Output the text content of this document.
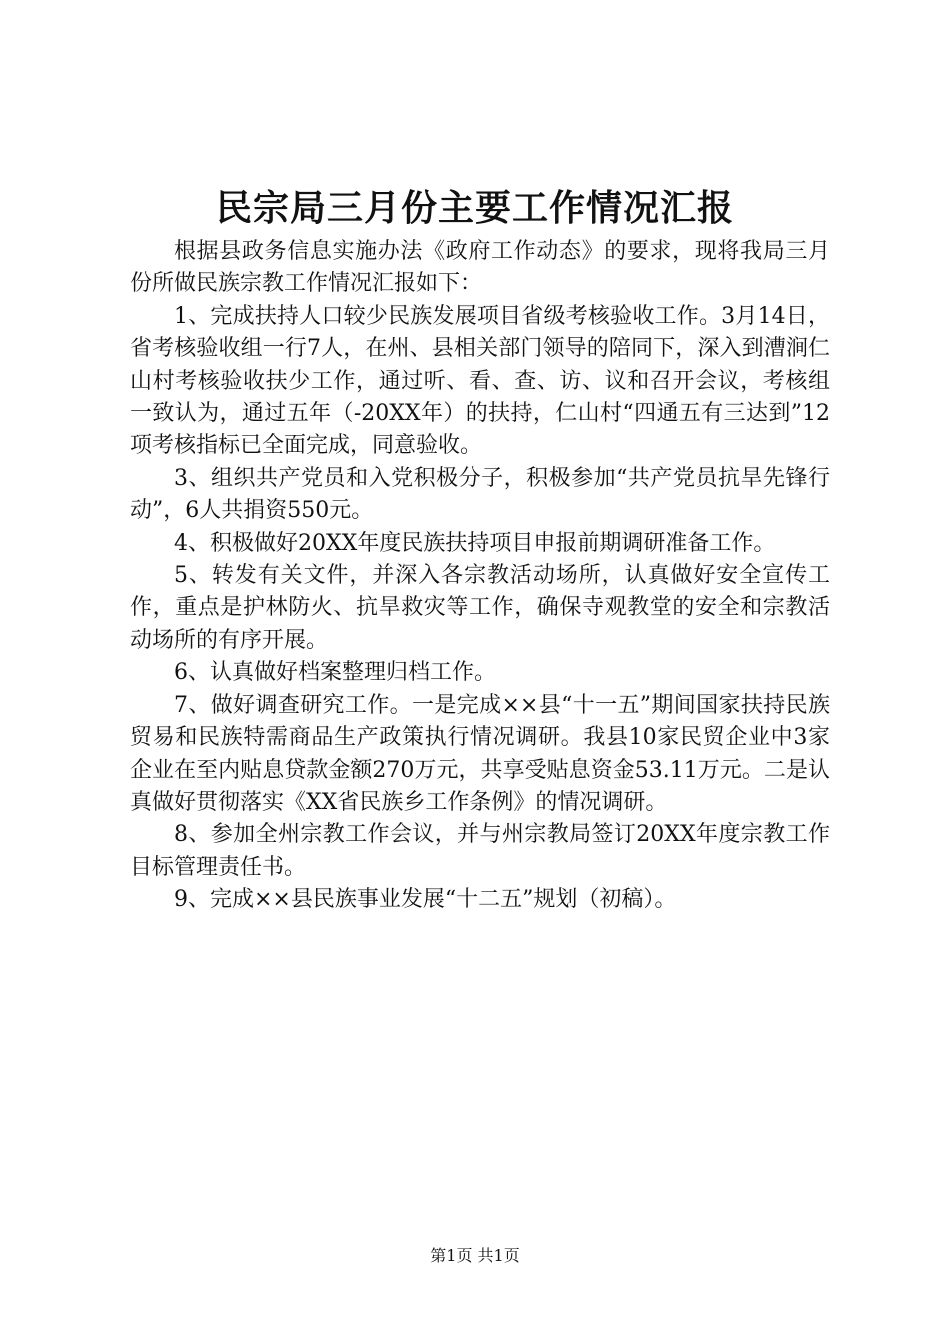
民宗局三月份主要工作情况汇报

根据县政务信息实施办法《政府工作动态》的要求，现将我局三月份所做民族宗教工作情况汇报如下：

1、完成扶持人口较少民族发展项目省级考核验收工作。3月14日，省考核验收组一行7人，在州、县相关部门领导的陪同下，深入到漕涧仁山村考核验收扶少工作，通过听、看、查、访、议和召开会议，考核组一致认为，通过五年（-20XX年）的扶持，仁山村“四通五有三达到”12项考核指标已全面完成，同意验收。

3、组织共产党员和入党积极分子，积极参加“共产党员抗旱先锋行动”，6人共捐资550元。

4、积极做好20XX年度民族扶持项目申报前期调研准备工作。

5、转发有关文件，并深入各宗教活动场所，认真做好安全宣传工作，重点是护林防火、抗旱救灾等工作，确保寺观教堂的安全和宗教活动场所的有序开展。

6、认真做好档案整理归档工作。

7、做好调查研究工作。一是完成××县“十一五”期间国家扶持民族贸易和民族特需商品生产政策执行情况调研。我县10家民贸企业中3家企业在至内贴息贷款金额270万元，共享受贴息资金53.11万元。二是认真做好贯彻落实《XX省民族乡工作条例》的情况调研。

8、参加全州宗教工作会议，并与州宗教局签订20XX年度宗教工作目标管理责任书。

9、完成××县民族事业发展“十二五”规划（初稿）。

第1页 共1页
